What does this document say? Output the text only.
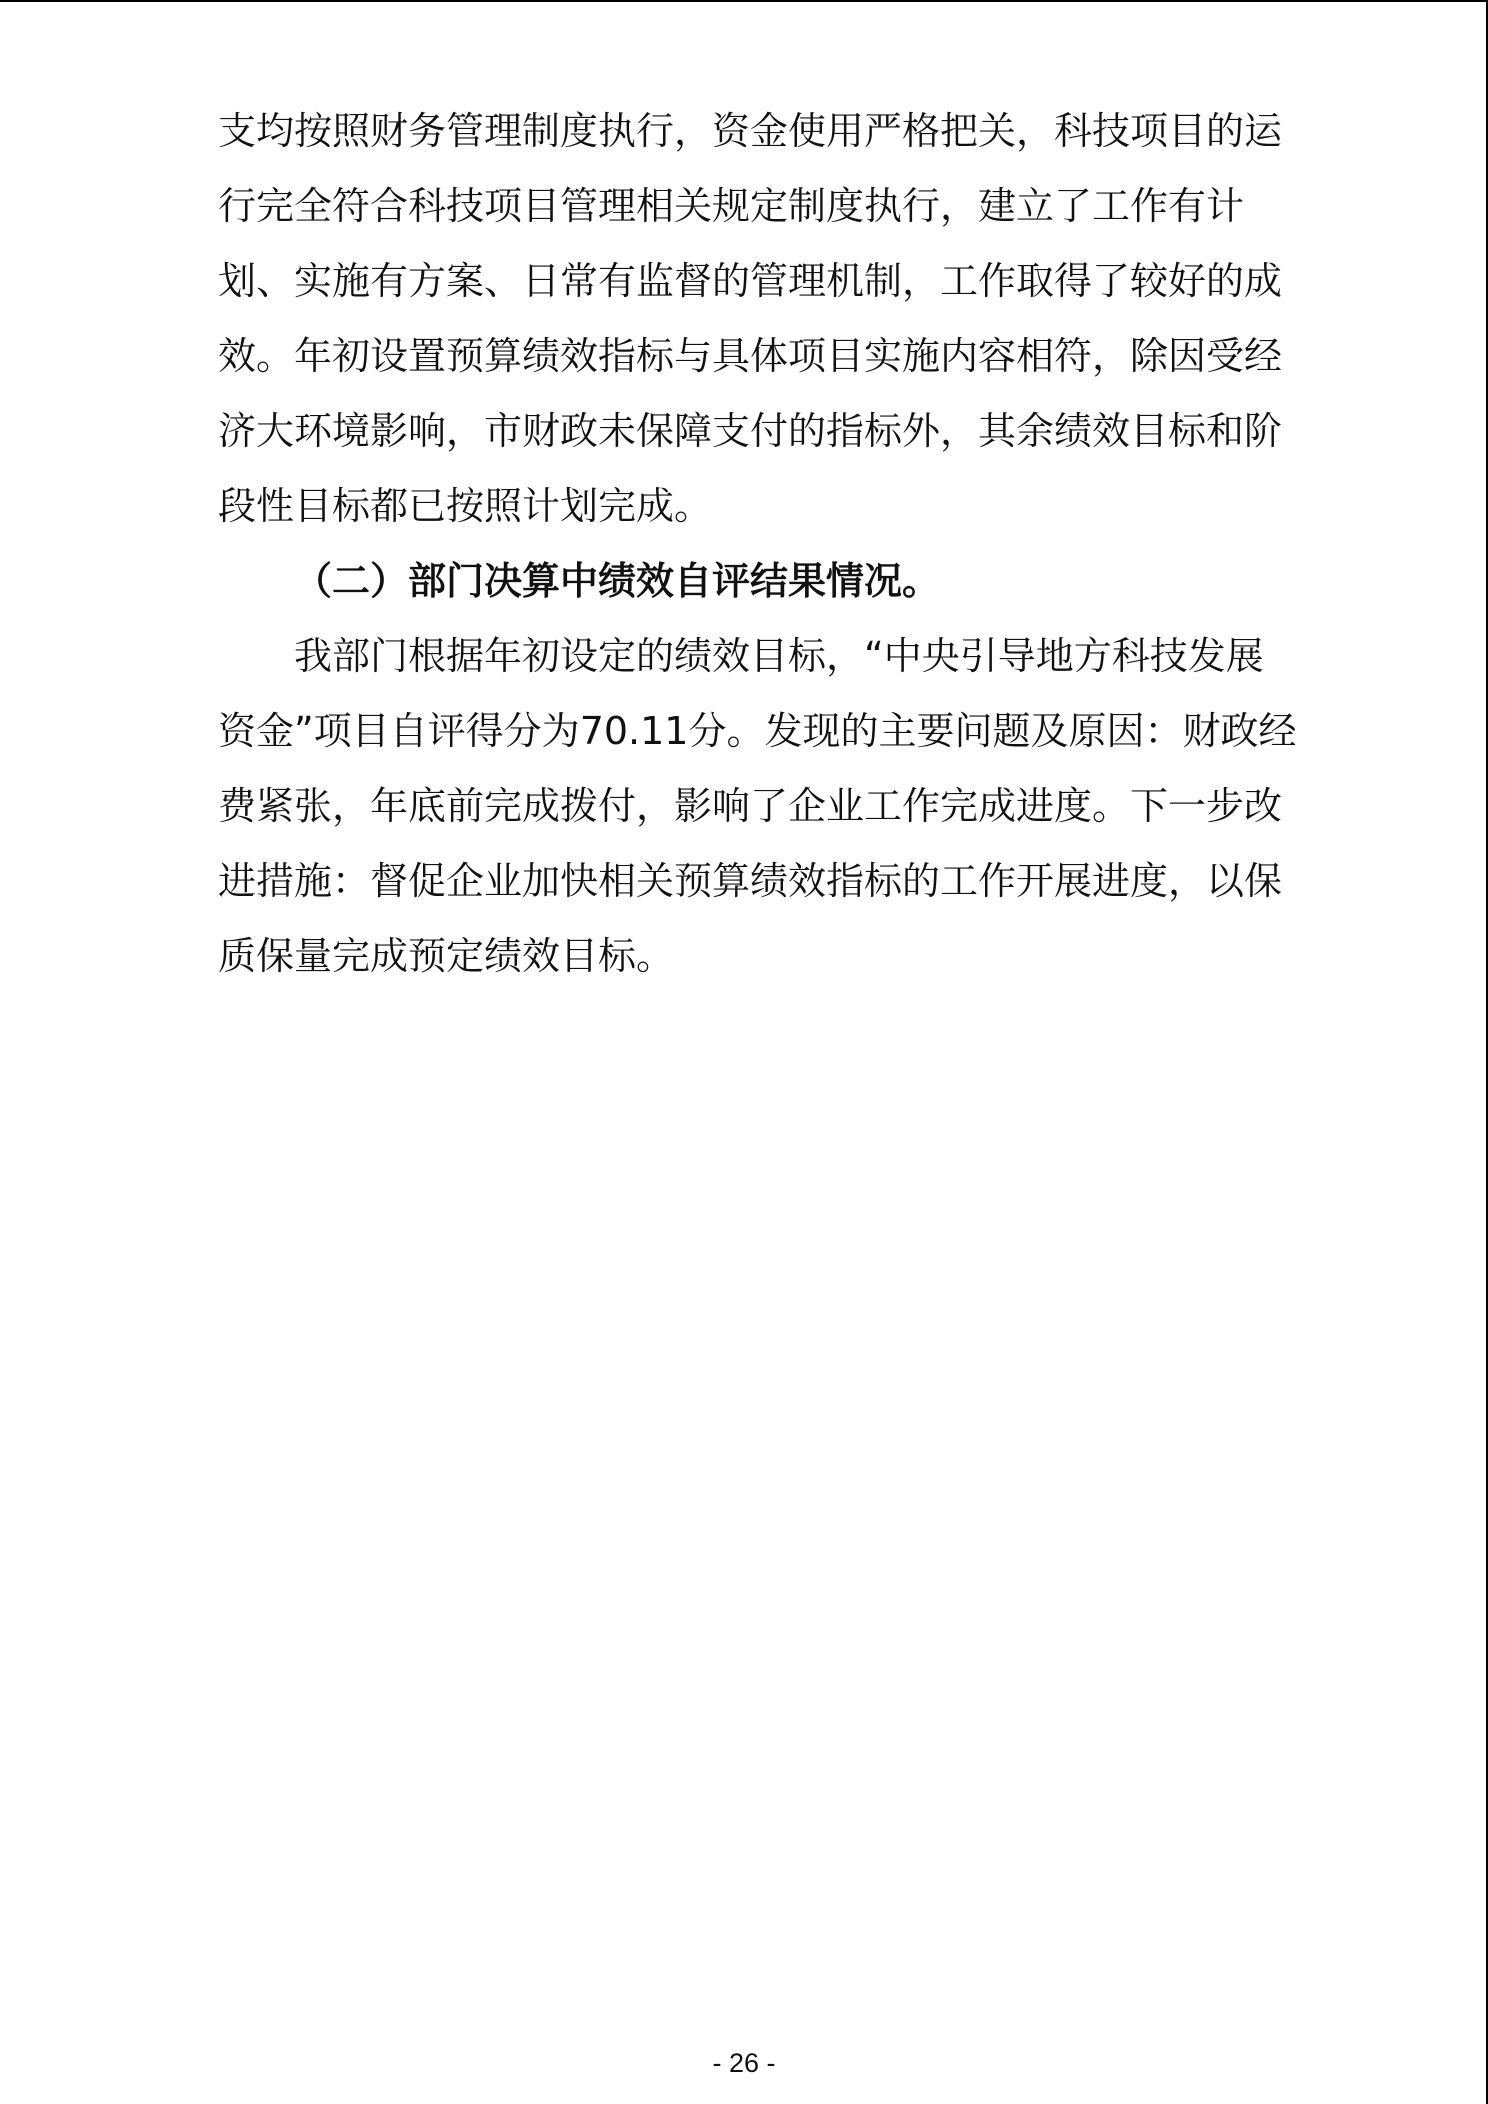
支均按照财务管理制度执行，资金使用严格把关，科技项目的运
行完全符合科技项目管理相关规定制度执行，建立了工作有计
划、实施有方案、日常有监督的管理机制，工作取得了较好的成
效。年初设置预算绩效指标与具体项目实施内容相符，除因受经
济大环境影响，市财政未保障支付的指标外，其余绩效目标和阶
段性目标都已按照计划完成。
（二）部门决算中绩效自评结果情况。
我部门根据年初设定的绩效目标，“中央引导地方科技发展
资金”项目自评得分为70.11分。发现的主要问题及原因：财政经
费紧张，年底前完成拨付，影响了企业工作完成进度。下一步改
进措施：督促企业加快相关预算绩效指标的工作开展进度，以保
质保量完成预定绩效目标。
- 26 -
